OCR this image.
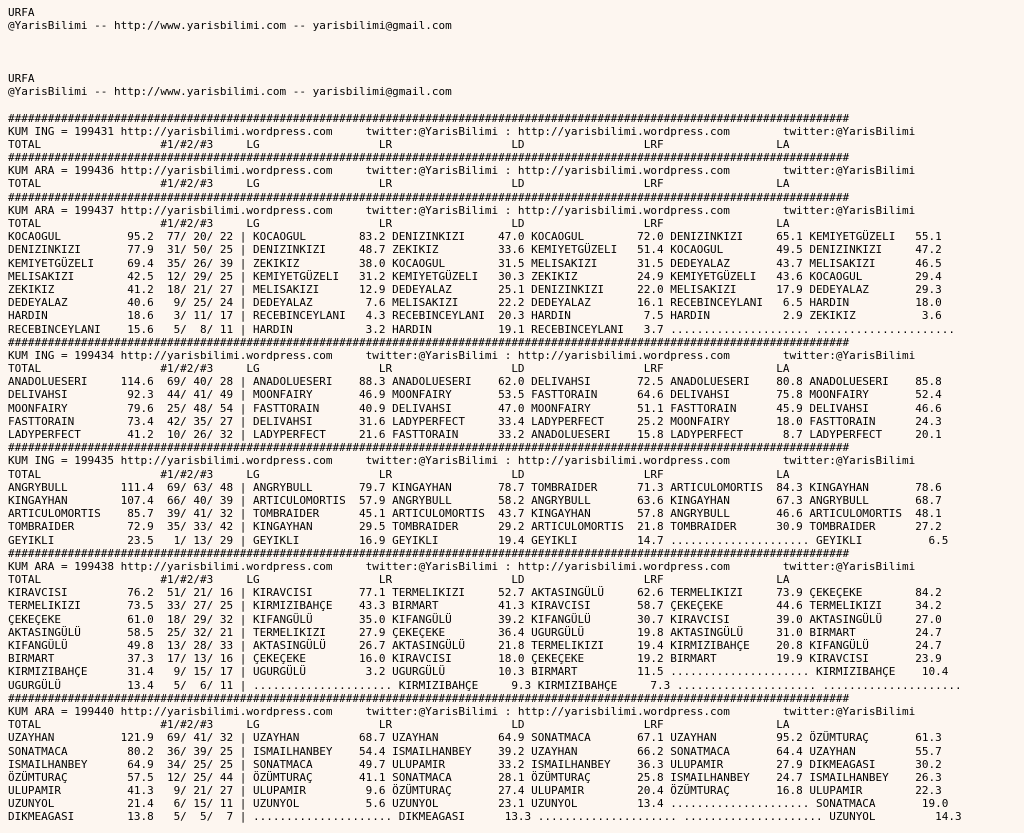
URFA
@YarisBilimi -- http://www.yarisbilimi.com -- yarisbilimi@gmail.com

URFA
@YarisBilimi -- http://www.yarisbilimi.com -- yarisbilimi@gmail.com

###############################################################################################################################
KUM ING = 199431 http://yarisbilimi.wordpress.com     twitter:@YarisBilimi : http://yarisbilimi.wordpress.com        twitter:@YarisBilimi
TOTAL                  #1/#2/#3     LG                  LR                  LD                  LRF                 LA
###############################################################################################################################
KUM ARA = 199436 http://yarisbilimi.wordpress.com     twitter:@YarisBilimi : http://yarisbilimi.wordpress.com        twitter:@YarisBilimi
TOTAL                  #1/#2/#3     LG                  LR                  LD                  LRF                 LA
###############################################################################################################################
KUM ARA = 199437 http://yarisbilimi.wordpress.com     twitter:@YarisBilimi : http://yarisbilimi.wordpress.com        twitter:@YarisBilimi
TOTAL                  #1/#2/#3     LG                  LR                  LD                  LRF                 LA
KOCAOGUL          95.2  77/ 20/ 22 | KOCAOGUL        83.2 DENIZINKIZI     47.0 KOCAOGUL        72.0 DENIZINKIZI     65.1 KEMIYETGÜZELI   55.1
DENIZINKIZI       77.9  31/ 50/ 25 | DENIZINKIZI     48.7 ZEKIKIZ         33.6 KEMIYETGÜZELI   51.4 KOCAOGUL        49.5 DENIZINKIZI     47.2
KEMIYETGÜZELI     69.4  35/ 26/ 39 | ZEKIKIZ         38.0 KOCAOGUL        31.5 MELISAKIZI      31.5 DEDEYALAZ       43.7 MELISAKIZI      46.5
MELISAKIZI        42.5  12/ 29/ 25 | KEMIYETGÜZELI   31.2 KEMIYETGÜZELI   30.3 ZEKIKIZ         24.9 KEMIYETGÜZELI   43.6 KOCAOGUL        29.4
ZEKIKIZ           41.2  18/ 21/ 27 | MELISAKIZI      12.9 DEDEYALAZ       25.1 DENIZINKIZI     22.0 MELISAKIZI      17.9 DEDEYALAZ       29.3
DEDEYALAZ         40.6   9/ 25/ 24 | DEDEYALAZ        7.6 MELISAKIZI      22.2 DEDEYALAZ       16.1 RECEBINCEYLANI   6.5 HARDIN          18.0
HARDIN            18.6   3/ 11/ 17 | RECEBINCEYLANI   4.3 RECEBINCEYLANI  20.3 HARDIN           7.5 HARDIN           2.9 ZEKIKIZ          3.6
RECEBINCEYLANI    15.6   5/  8/ 11 | HARDIN           3.2 HARDIN          19.1 RECEBINCEYLANI   3.7 ..................... .....................
###############################################################################################################################
KUM ING = 199434 http://yarisbilimi.wordpress.com     twitter:@YarisBilimi : http://yarisbilimi.wordpress.com        twitter:@YarisBilimi
TOTAL                  #1/#2/#3     LG                  LR                  LD                  LRF                 LA
ANADOLUESERI     114.6  69/ 40/ 28 | ANADOLUESERI    88.3 ANADOLUESERI    62.0 DELIVAHSI       72.5 ANADOLUESERI    80.8 ANADOLUESERI    85.8
DELIVAHSI         92.3  44/ 41/ 49 | MOONFAIRY       46.9 MOONFAIRY       53.5 FASTTORAIN      64.6 DELIVAHSI       75.8 MOONFAIRY       52.4
MOONFAIRY         79.6  25/ 48/ 54 | FASTTORAIN      40.9 DELIVAHSI       47.0 MOONFAIRY       51.1 FASTTORAIN      45.9 DELIVAHSI       46.6
FASTTORAIN        73.4  42/ 35/ 27 | DELIVAHSI       31.6 LADYPERFECT     33.4 LADYPERFECT     25.2 MOONFAIRY       18.0 FASTTORAIN      24.3
LADYPERFECT       41.2  10/ 26/ 32 | LADYPERFECT     21.6 FASTTORAIN      33.2 ANADOLUESERI    15.8 LADYPERFECT      8.7 LADYPERFECT     20.1
###############################################################################################################################
KUM ING = 199435 http://yarisbilimi.wordpress.com     twitter:@YarisBilimi : http://yarisbilimi.wordpress.com        twitter:@YarisBilimi
TOTAL                  #1/#2/#3     LG                  LR                  LD                  LRF                 LA
ANGRYBULL        111.4  69/ 63/ 48 | ANGRYBULL       79.7 KINGAYHAN       78.7 TOMBRAIDER      71.3 ARTICULOMORTIS  84.3 KINGAYHAN       78.6
KINGAYHAN        107.4  66/ 40/ 39 | ARTICULOMORTIS  57.9 ANGRYBULL       58.2 ANGRYBULL       63.6 KINGAYHAN       67.3 ANGRYBULL       68.7
ARTICULOMORTIS    85.7  39/ 41/ 32 | TOMBRAIDER      45.1 ARTICULOMORTIS  43.7 KINGAYHAN       57.8 ANGRYBULL       46.6 ARTICULOMORTIS  48.1
TOMBRAIDER        72.9  35/ 33/ 42 | KINGAYHAN       29.5 TOMBRAIDER      29.2 ARTICULOMORTIS  21.8 TOMBRAIDER      30.9 TOMBRAIDER      27.2
GEYIKLI           23.5   1/ 13/ 29 | GEYIKLI         16.9 GEYIKLI         19.4 GEYIKLI         14.7 ..................... GEYIKLI          6.5
###############################################################################################################################
KUM ARA = 199438 http://yarisbilimi.wordpress.com     twitter:@YarisBilimi : http://yarisbilimi.wordpress.com        twitter:@YarisBilimi
TOTAL                  #1/#2/#3     LG                  LR                  LD                  LRF                 LA
KIRAVCISI         76.2  51/ 21/ 16 | KIRAVCISI       77.1 TERMELIKIZI     52.7 AKTASINGÜLÜ     62.6 TERMELIKIZI     73.9 ÇEKEÇEKE        84.2
TERMELIKIZI       73.5  33/ 27/ 25 | KIRMIZIBAHÇE    43.3 BIRMART         41.3 KIRAVCISI       58.7 ÇEKEÇEKE        44.6 TERMELIKIZI     34.2
ÇEKEÇEKE          61.0  18/ 29/ 32 | KIFANGÜLÜ       35.0 KIFANGÜLÜ       39.2 KIFANGÜLÜ       30.7 KIRAVCISI       39.0 AKTASINGÜLÜ     27.0
AKTASINGÜLÜ       58.5  25/ 32/ 21 | TERMELIKIZI     27.9 ÇEKEÇEKE        36.4 UGURGÜLÜ        19.8 AKTASINGÜLÜ     31.0 BIRMART         24.7
KIFANGÜLÜ         49.8  13/ 28/ 33 | AKTASINGÜLÜ     26.7 AKTASINGÜLÜ     21.8 TERMELIKIZI     19.4 KIRMIZIBAHÇE    20.8 KIFANGÜLÜ       24.7
BIRMART           37.3  17/ 13/ 16 | ÇEKEÇEKE        16.0 KIRAVCISI       18.0 ÇEKEÇEKE        19.2 BIRMART         19.9 KIRAVCISI       23.9
KIRMIZIBAHÇE      31.4   9/ 15/ 17 | UGURGÜLÜ         3.2 UGURGÜLÜ        10.3 BIRMART         11.5 ..................... KIRMIZIBAHÇE    10.4
UGURGÜLÜ          13.4   5/  6/ 11 | ..................... KIRMIZIBAHÇE     9.3 KIRMIZIBAHÇE     7.3 ..................... .....................
###############################################################################################################################
KUM ARA = 199440 http://yarisbilimi.wordpress.com     twitter:@YarisBilimi : http://yarisbilimi.wordpress.com        twitter:@YarisBilimi
TOTAL                  #1/#2/#3     LG                  LR                  LD                  LRF                 LA
UZAYHAN          121.9  69/ 41/ 32 | UZAYHAN         68.7 UZAYHAN         64.9 SONATMACA       67.1 UZAYHAN         95.2 ÖZÜMTURAÇ       61.3
SONATMACA         80.2  36/ 39/ 25 | ISMAILHANBEY    54.4 ISMAILHANBEY    39.2 UZAYHAN         66.2 SONATMACA       64.4 UZAYHAN         55.7
ISMAILHANBEY      64.9  34/ 25/ 25 | SONATMACA       49.7 ULUPAMIR        33.2 ISMAILHANBEY    36.3 ULUPAMIR        27.9 DIKMEAGASI      30.2
ÖZÜMTURAÇ         57.5  12/ 25/ 44 | ÖZÜMTURAÇ       41.1 SONATMACA       28.1 ÖZÜMTURAÇ       25.8 ISMAILHANBEY    24.7 ISMAILHANBEY    26.3
ULUPAMIR          41.3   9/ 21/ 27 | ULUPAMIR         9.6 ÖZÜMTURAÇ       27.4 ULUPAMIR        20.4 ÖZÜMTURAÇ       16.8 ULUPAMIR        22.3
UZUNYOL           21.4   6/ 15/ 11 | UZUNYOL          5.6 UZUNYOL         23.1 UZUNYOL         13.4 ..................... SONATMACA       19.0
DIKMEAGASI        13.8   5/  5/  7 | ..................... DIKMEAGASI      13.3 ..................... ..................... UZUNYOL         14.3
